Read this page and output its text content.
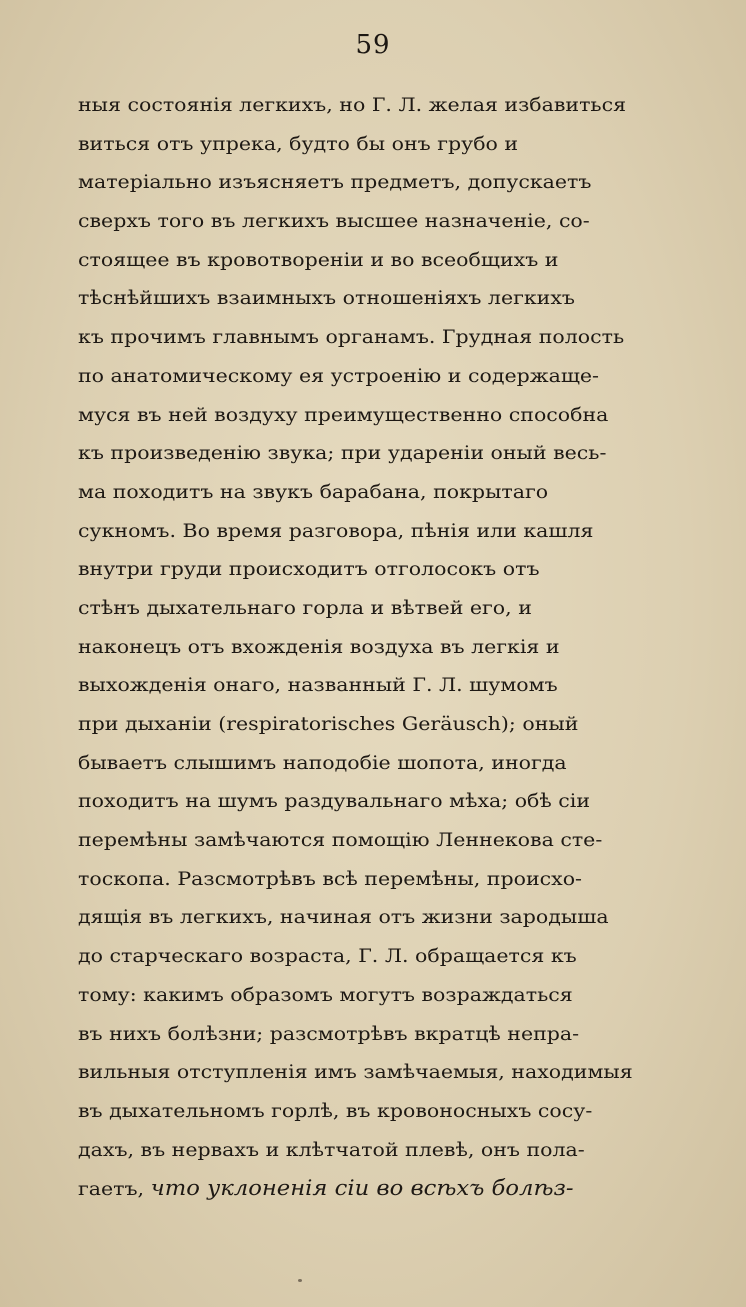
59
ныя состоянія легкихъ, но Г. Л. желая избавиться
виться отъ упрека, будто бы онъ грубо и
матеріально изъясняетъ предметъ, допускаетъ
сверхъ того въ легкихъ высшее назначеніе, со-
стоящее въ кровотвореніи и во всеобщихъ и
тѣснѣйшихъ взаимныхъ отношеніяхъ легкихъ
къ прочимъ главнымъ органамъ. Грудная полость
по анатомическому ея устроенію и содержаще-
муся въ ней воздуху преимущественно способна
къ произведенію звука; при удареніи оный весь-
ма походитъ на звукъ барабана, покрытаго
сукномъ. Во время разговора, пѣнія или кашля
внутри груди происходитъ отголосокъ отъ
стѣнъ дыхательнаго горла и вѣтвей его, и
наконецъ отъ вхожденія воздуха въ легкія и
выхожденія онаго, названный Г. Л. шумомъ
при дыханіи (respiratorisches Geräusch); оный
бываетъ слышимъ наподобіе шопота, иногда
походитъ на шумъ раздувальнаго мѣха; обѣ сіи
перемѣны замѣчаются помощію Леннекова сте-
тоскопа. Разсмотрѣвъ всѣ перемѣны, происхо-
дящія въ легкихъ, начиная отъ жизни зародыша
до старческаго возраста, Г. Л. обращается къ
тому: какимъ образомъ могутъ возраждаться
въ нихъ болѣзни; разсмотрѣвъ вкратцѣ непра-
вильныя отступленія имъ замѣчаемыя, находимыя
въ дыхательномъ горлѣ, въ кровоносныхъ сосу-
дахъ, въ нервахъ и клѣтчатой плевѣ, онъ пола-
гаетъ, что уклоненія сіи во всѣхъ болѣз-
